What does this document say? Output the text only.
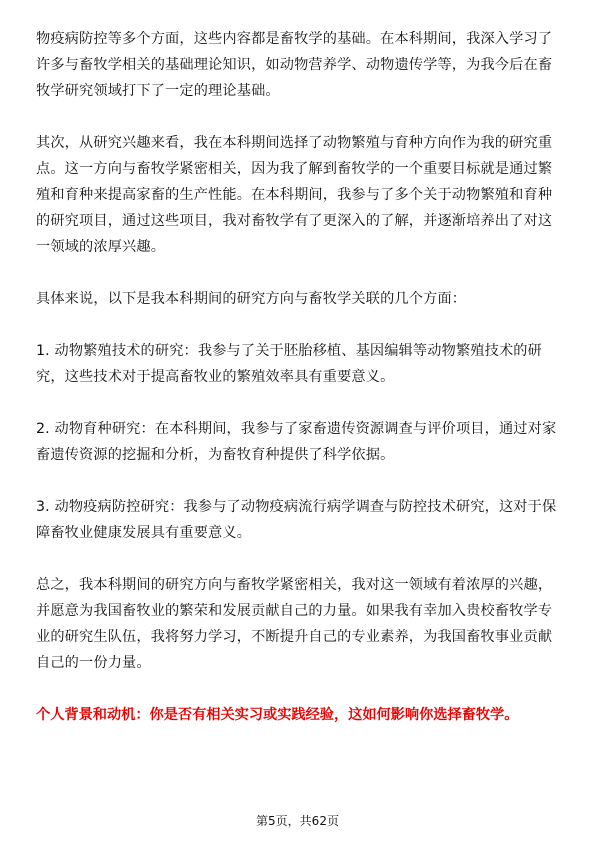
物疫病防控等多个方面，这些内容都是畜牧学的基础。在本科期间，我深入学习了许多与畜牧学相关的基础理论知识，如动物营养学、动物遗传学等，为我今后在畜牧学研究领域打下了一定的理论基础。

其次，从研究兴趣来看，我在本科期间选择了动物繁殖与育种方向作为我的研究重点。这一方向与畜牧学紧密相关，因为我了解到畜牧学的一个重要目标就是通过繁殖和育种来提高家畜的生产性能。在本科期间，我参与了多个关于动物繁殖和育种的研究项目，通过这些项目，我对畜牧学有了更深入的了解，并逐渐培养出了对这一领域的浓厚兴趣。

具体来说，以下是我本科期间的研究方向与畜牧学关联的几个方面：

1. 动物繁殖技术的研究：我参与了关于胚胎移植、基因编辑等动物繁殖技术的研究，这些技术对于提高畜牧业的繁殖效率具有重要意义。

2. 动物育种研究：在本科期间，我参与了家畜遗传资源调查与评价项目，通过对家畜遗传资源的挖掘和分析，为畜牧育种提供了科学依据。

3. 动物疫病防控研究：我参与了动物疫病流行病学调查与防控技术研究，这对于保障畜牧业健康发展具有重要意义。

总之，我本科期间的研究方向与畜牧学紧密相关，我对这一领域有着浓厚的兴趣，并愿意为我国畜牧业的繁荣和发展贡献自己的力量。如果我有幸加入贵校畜牧学专业的研究生队伍，我将努力学习，不断提升自己的专业素养，为我国畜牧事业贡献自己的一份力量。

个人背景和动机：你是否有相关实习或实践经验，这如何影响你选择畜牧学。

第5页，共62页
